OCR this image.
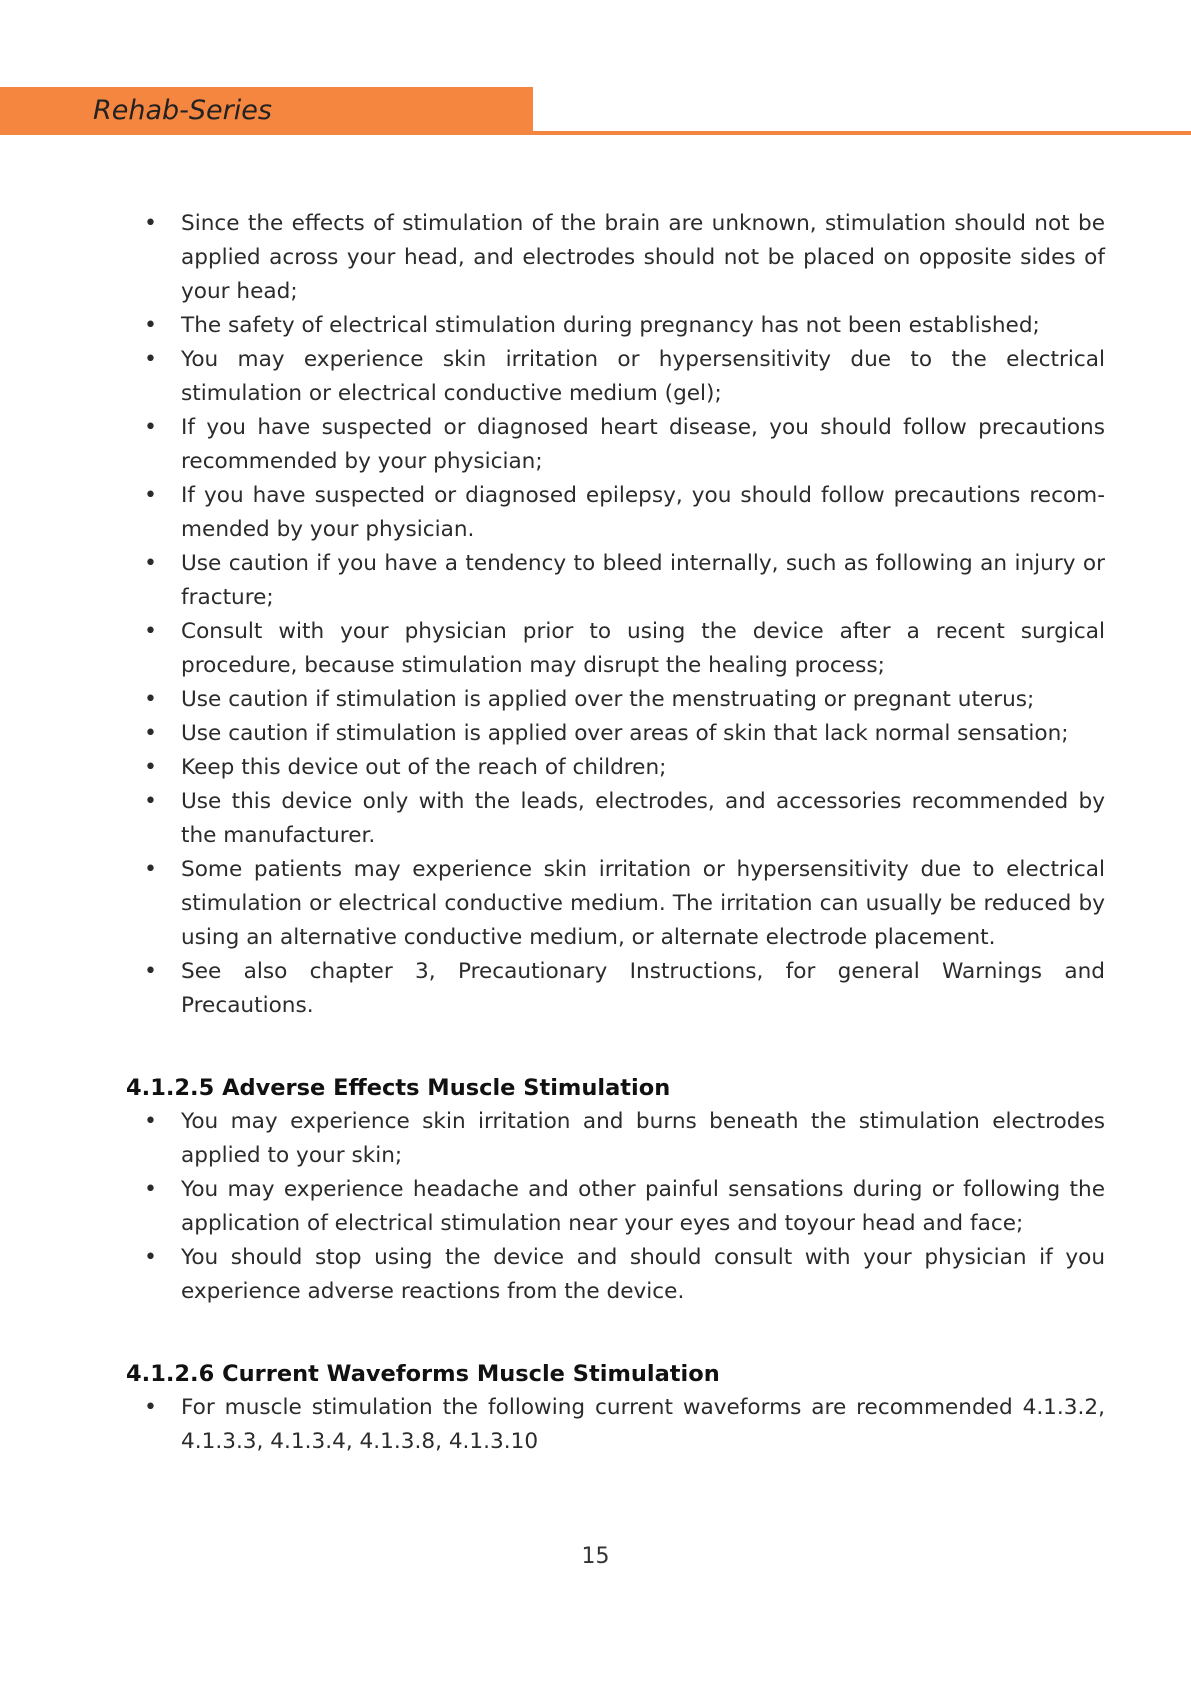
Rehab-Series
• Since the effects of stimulation of the brain are unknown, stimulation should not be applied across your head, and electrodes should not be placed on opposite sides of your head;
• The safety of electrical stimulation during pregnancy has not been established;
• You may experience skin irritation or hypersensitivity due to the electrical stimulation or electrical conductive medium (gel);
• If you have suspected or diagnosed heart disease, you should follow precautions recommended by your physician;
• If you have suspected or diagnosed epilepsy, you should follow precautions recommended by your physician.
• Use caution if you have a tendency to bleed internally, such as following an injury or fracture;
• Consult with your physician prior to using the device after a recent surgical procedure, because stimulation may disrupt the healing process;
• Use caution if stimulation is applied over the menstruating or pregnant uterus;
• Use caution if stimulation is applied over areas of skin that lack normal sensation;
• Keep this device out of the reach of children;
• Use this device only with the leads, electrodes, and accessories recommended by the manufacturer.
• Some patients may experience skin irritation or hypersensitivity due to electrical stimulation or electrical conductive medium. The irritation can usually be reduced by using an alternative conductive medium, or alternate electrode placement.
• See also chapter 3, Precautionary Instructions, for general Warnings and Precautions.
4.1.2.5 Adverse Effects Muscle Stimulation
• You may experience skin irritation and burns beneath the stimulation electrodes applied to your skin;
• You may experience headache and other painful sensations during or following the application of electrical stimulation near your eyes and toyour head and face;
• You should stop using the device and should consult with your physician if you experience adverse reactions from the device.
4.1.2.6 Current Waveforms Muscle Stimulation
• For muscle stimulation the following current waveforms are recommended 4.1.3.2, 4.1.3.3, 4.1.3.4, 4.1.3.8, 4.1.3.10
15
